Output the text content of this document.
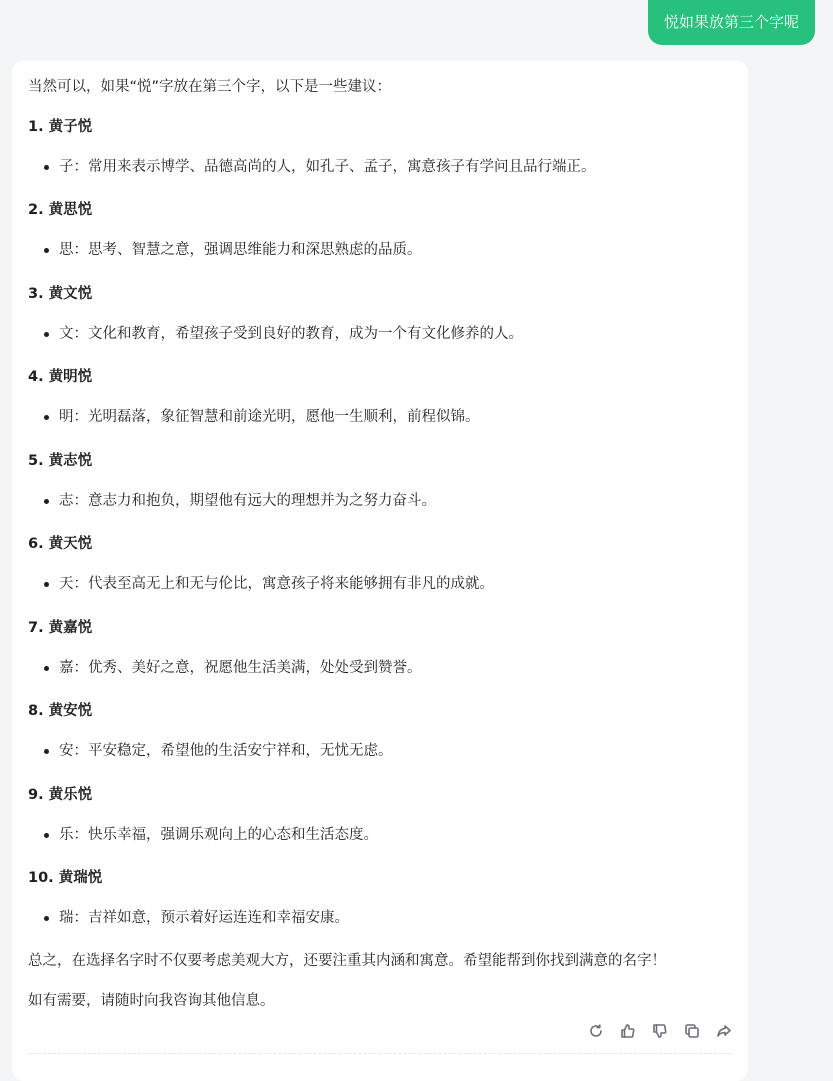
悦如果放第三个字呢
当然可以，如果“悦”字放在第三个字，以下是一些建议：
1. 黄子悦
子：常用来表示博学、品德高尚的人，如孔子、孟子，寓意孩子有学问且品行端正。
2. 黄思悦
思：思考、智慧之意，强调思维能力和深思熟虑的品质。
3. 黄文悦
文：文化和教育，希望孩子受到良好的教育，成为一个有文化修养的人。
4. 黄明悦
明：光明磊落，象征智慧和前途光明，愿他一生顺利，前程似锦。
5. 黄志悦
志：意志力和抱负，期望他有远大的理想并为之努力奋斗。
6. 黄天悦
天：代表至高无上和无与伦比，寓意孩子将来能够拥有非凡的成就。
7. 黄嘉悦
嘉：优秀、美好之意，祝愿他生活美满，处处受到赞誉。
8. 黄安悦
安：平安稳定，希望他的生活安宁祥和，无忧无虑。
9. 黄乐悦
乐：快乐幸福，强调乐观向上的心态和生活态度。
10. 黄瑞悦
瑞：吉祥如意，预示着好运连连和幸福安康。
总之，在选择名字时不仅要考虑美观大方，还要注重其内涵和寓意。希望能帮到你找到满意的名字！
如有需要，请随时向我咨询其他信息。
